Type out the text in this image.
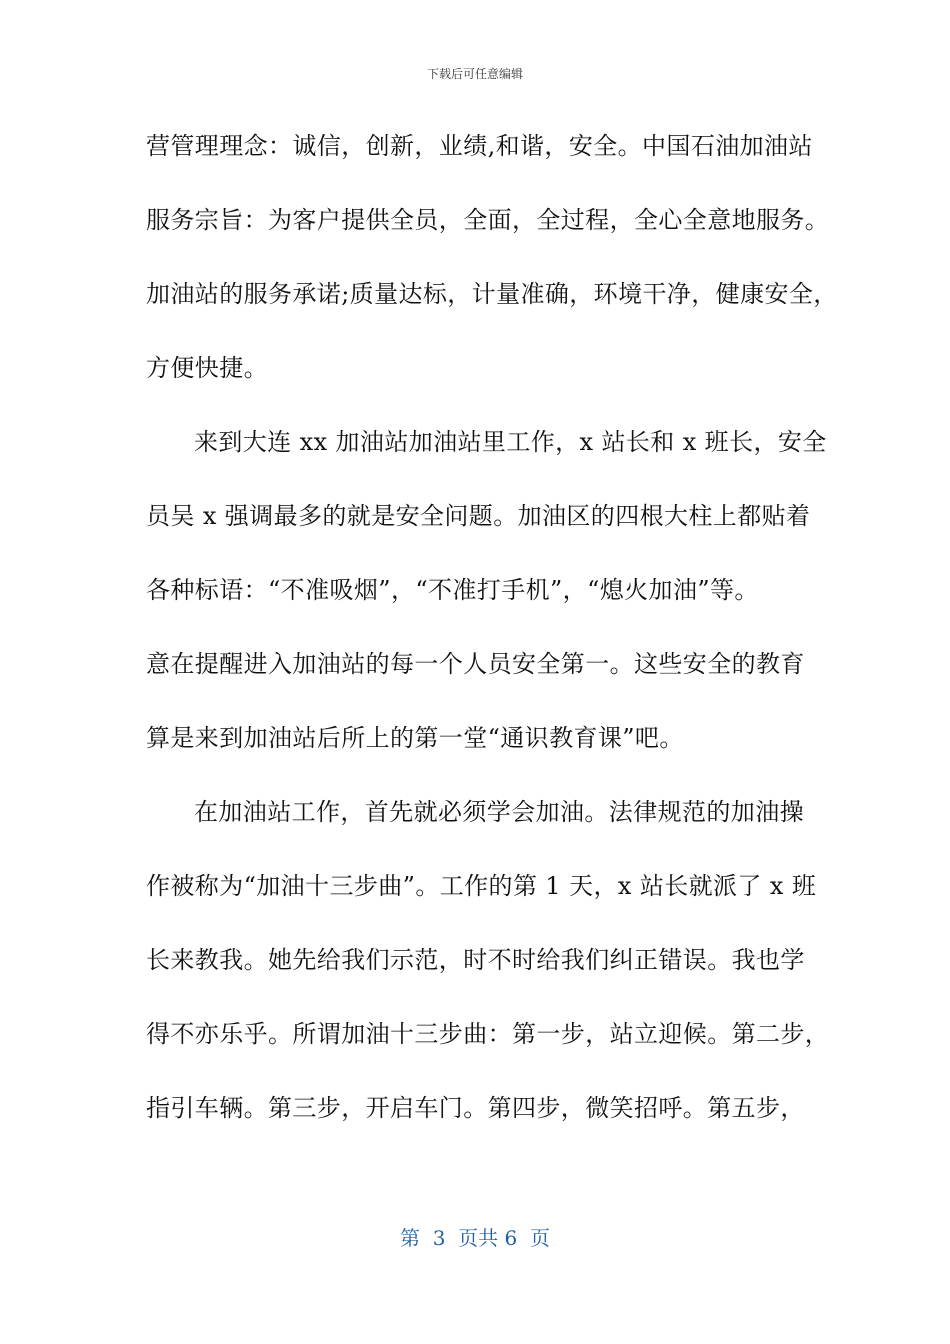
下载后可任意编辑
营管理理念：诚信，创新，业绩,和谐，安全。中国石油加油站
服务宗旨：为客户提供全员，全面，全过程，全心全意地服务。
加油站的服务承诺;质量达标，计量准确，环境干净，健康安全，
方便快捷。
来到大连 xx 加油站加油站里工作，x 站长和 x 班长，安全
员吴 x 强调最多的就是安全问题。加油区的四根大柱上都贴着
各种标语：“不准吸烟”，“不准打手机”，“熄火加油”等。
意在提醒进入加油站的每一个人员安全第一。这些安全的教育
算是来到加油站后所上的第一堂“通识教育课”吧。
在加油站工作，首先就必须学会加油。法律规范的加油操
作被称为“加油十三步曲”。工作的第 1 天，x 站长就派了 x 班
长来教我。她先给我们示范，时不时给我们纠正错误。我也学
得不亦乐乎。所谓加油十三步曲：第一步，站立迎候。第二步，
指引车辆。第三步，开启车门。第四步，微笑招呼。第五步，
第  3  页共 6  页
